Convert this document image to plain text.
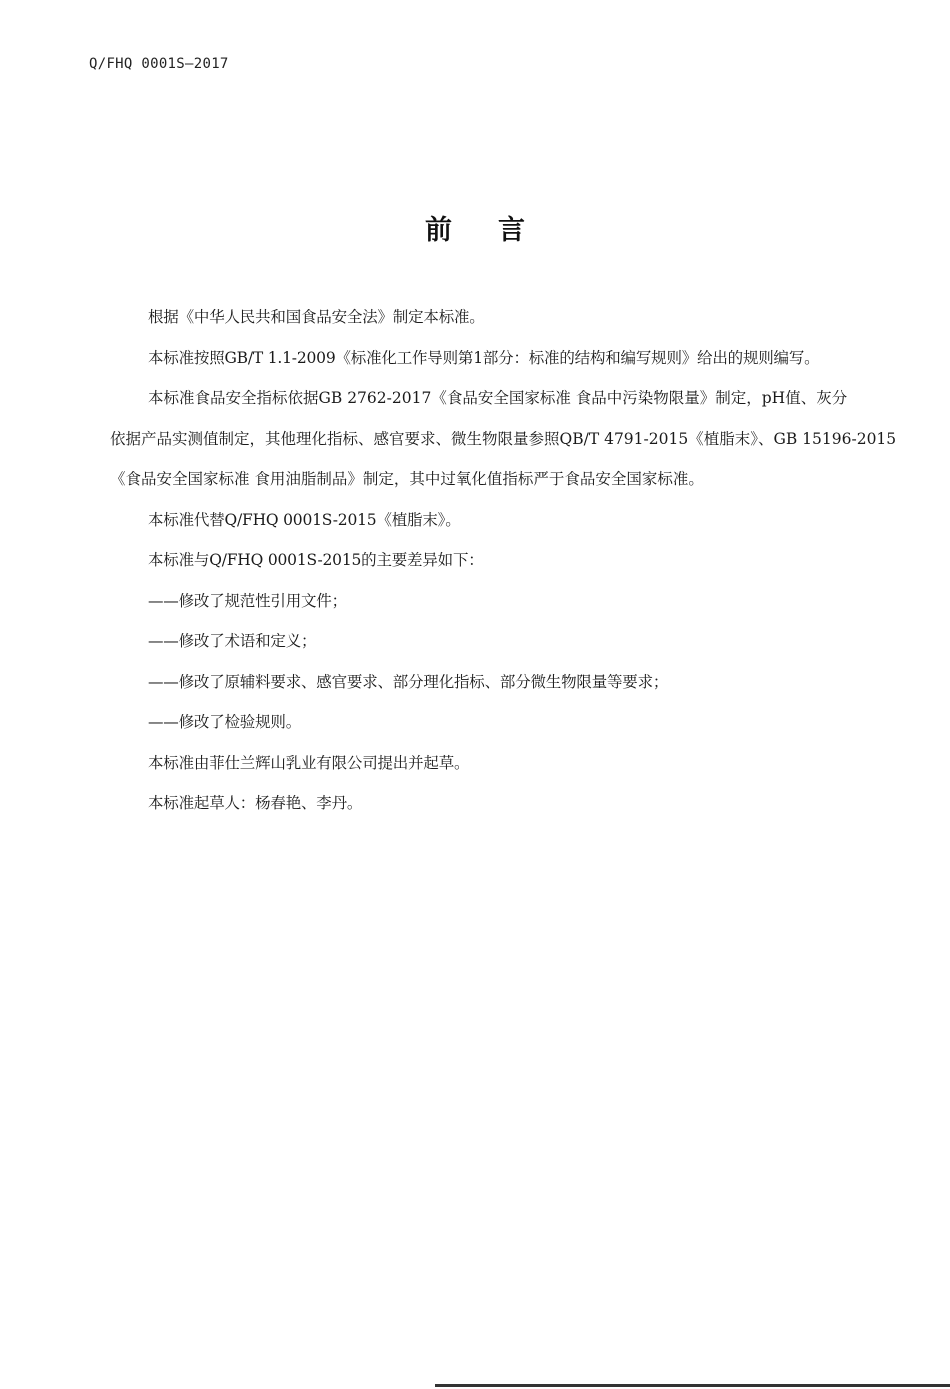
Q/FHQ 0001S—2017
前言

根据《中华人民共和国食品安全法》制定本标准。

本标准按照GB/T 1.1-2009《标准化工作导则第1部分：标准的结构和编写规则》给出的规则编写。

本标准食品安全指标依据GB 2762-2017《食品安全国家标准 食品中污染物限量》制定，pH值、灰分
依据产品实测值制定，其他理化指标、感官要求、微生物限量参照QB/T 4791-2015《植脂末》、GB 15196-2015
《食品安全国家标准 食用油脂制品》制定，其中过氧化值指标严于食品安全国家标准。

本标准代替Q/FHQ 0001S-2015《植脂末》。

本标准与Q/FHQ 0001S-2015的主要差异如下：

——修改了规范性引用文件；

——修改了术语和定义；

——修改了原辅料要求、感官要求、部分理化指标、部分微生物限量等要求；

——修改了检验规则。

本标准由菲仕兰辉山乳业有限公司提出并起草。

本标准起草人：杨春艳、李丹。
